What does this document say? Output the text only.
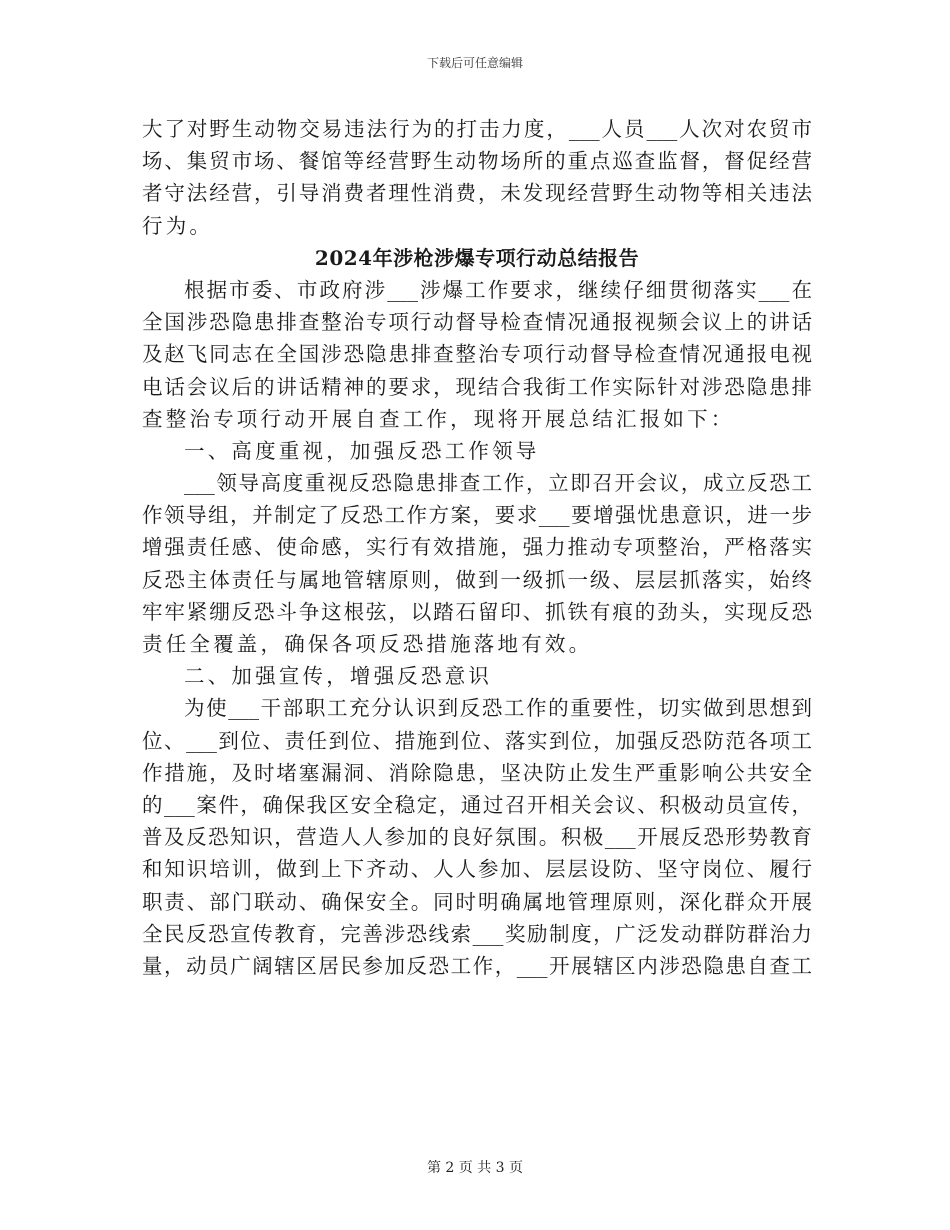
下载后可任意编辑
大了对野生动物交易违法行为的打击力度，___人员___人次对农贸市
场、集贸市场、餐馆等经营野生动物场所的重点巡查监督，督促经营
者守法经营，引导消费者理性消费，未发现经营野生动物等相关违法
行为。
2024年涉枪涉爆专项行动总结报告
根据市委、市政府涉___涉爆工作要求，继续仔细贯彻落实___在
全国涉恐隐患排查整治专项行动督导检查情况通报视频会议上的讲话
及赵飞同志在全国涉恐隐患排查整治专项行动督导检查情况通报电视
电话会议后的讲话精神的要求，现结合我街工作实际针对涉恐隐患排
查整治专项行动开展自查工作，现将开展总结汇报如下：
一、高度重视，加强反恐工作领导
___领导高度重视反恐隐患排查工作，立即召开会议，成立反恐工
作领导组，并制定了反恐工作方案，要求___要增强忧患意识，进一步
增强责任感、使命感，实行有效措施，强力推动专项整治，严格落实
反恐主体责任与属地管辖原则，做到一级抓一级、层层抓落实，始终
牢牢紧绷反恐斗争这根弦，以踏石留印、抓铁有痕的劲头，实现反恐
责任全覆盖，确保各项反恐措施落地有效。
二、加强宣传，增强反恐意识
为使___干部职工充分认识到反恐工作的重要性，切实做到思想到
位、___到位、责任到位、措施到位、落实到位，加强反恐防范各项工
作措施，及时堵塞漏洞、消除隐患，坚决防止发生严重影响公共安全
的___案件，确保我区安全稳定，通过召开相关会议、积极动员宣传，
普及反恐知识，营造人人参加的良好氛围。积极___开展反恐形势教育
和知识培训，做到上下齐动、人人参加、层层设防、坚守岗位、履行
职责、部门联动、确保安全。同时明确属地管理原则，深化群众开展
全民反恐宣传教育，完善涉恐线索___奖励制度，广泛发动群防群治力
量，动员广阔辖区居民参加反恐工作，___开展辖区内涉恐隐患自查工
第 2 页 共 3 页
